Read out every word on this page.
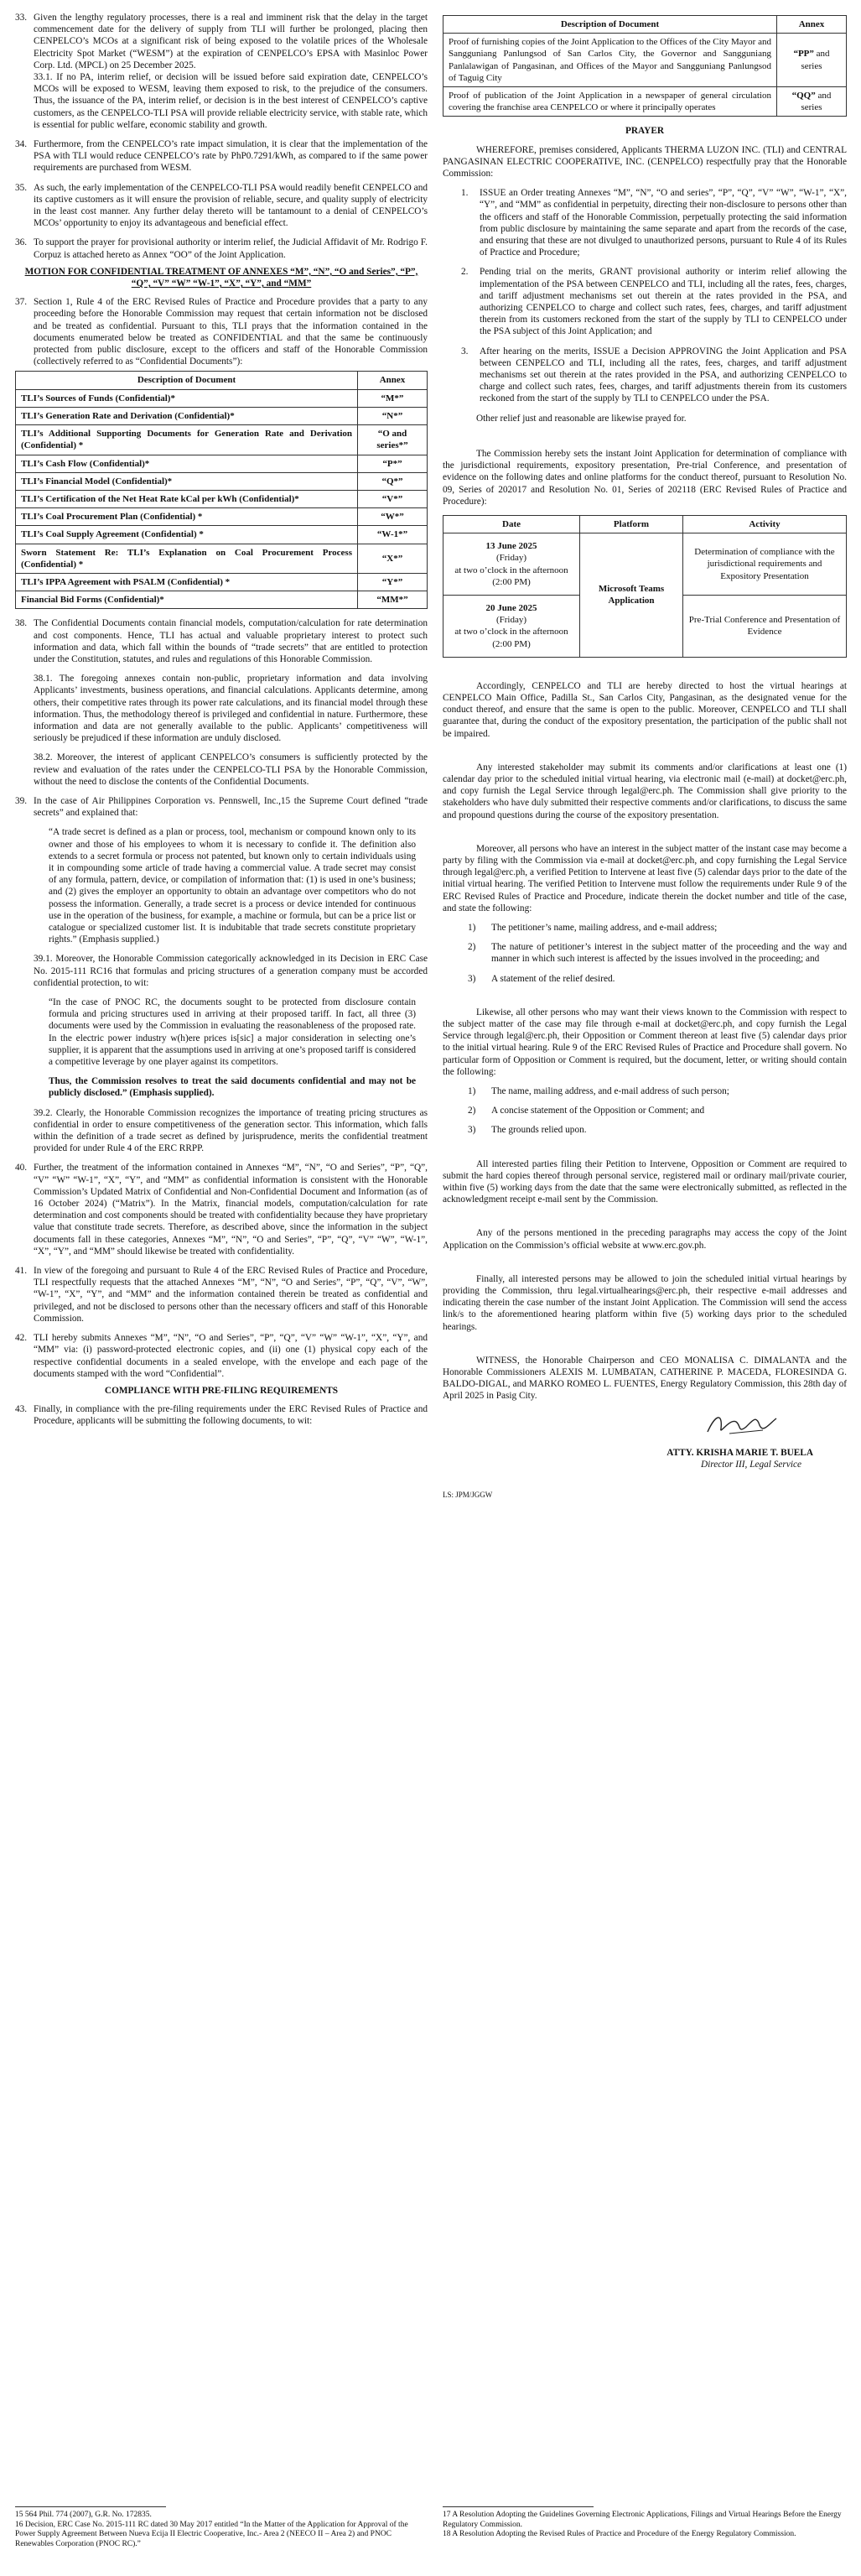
33. Given the lengthy regulatory processes, there is a real and imminent risk that the delay in the target commencement date for the delivery of supply from TLI will further be prolonged, placing then CENPELCO’s MCOs at a significant risk of being exposed to the volatile prices of the Wholesale Electricity Spot Market (“WESM”) at the expiration of CENPELCO’s EPSA with Masinloc Power Corp. Ltd. (MPCL) on 25 December 2025.

33.1. If no PA, interim relief, or decision will be issued before said expiration date, CENPELCO’s MCOs will be exposed to WESM, leaving them exposed to risk, to the prejudice of the consumers. Thus, the issuance of the PA, interim relief, or decision is in the best interest of CENPELCO’s captive customers, as the CENPELCO-TLI PSA will provide reliable electricity service, with stable rate, which is essential for public welfare, economic stability and growth.

34. Furthermore, from the CENPELCO’s rate impact simulation, it is clear that the implementation of the PSA with TLI would reduce CENPELCO’s rate by PhP0.7291/kWh, as compared to if the same power requirements are purchased from WESM.

35. As such, the early implementation of the CENPELCO-TLI PSA would readily benefit CENPELCO and its captive customers as it will ensure the provision of reliable, secure, and quality supply of electricity in the least cost manner. Any further delay thereto will be tantamount to a denial of CENPELCO’s MCOs’ opportunity to enjoy its advantageous and beneficial effect.

36. To support the prayer for provisional authority or interim relief, the Judicial Affidavit of Mr. Rodrigo F. Corpuz is attached hereto as Annex “OO” of the Joint Application.
MOTION FOR CONFIDENTIAL TREATMENT OF ANNEXES “M”, “N”, “O and Series”, “P”, “Q”, “V” “W” “W-1”, “X”, “Y”, and “MM”
37. Section 1, Rule 4 of the ERC Revised Rules of Practice and Procedure provides that a party to any proceeding before the Honorable Commission may request that certain information not be disclosed and be treated as confidential. Pursuant to this, TLI prays that the information contained in the documents enumerated below be treated as CONFIDENTIAL and that the same be continuously protected from public disclosure, except to the officers and staff of the Honorable Commission (collectively referred to as “Confidential Documents”):
Description of Document	Annex
TLI’s Sources of Funds (Confidential)*	“M*”
TLI’s Generation Rate and Derivation (Confidential)*	“N*”
TLI’s Additional Supporting Documents for Generation Rate and Derivation (Confidential) *	“O and series*”
TLI’s Cash Flow (Confidential)*	“P*”
TLI’s Financial Model (Confidential)*	“Q*”
TLI’s Certification of the Net Heat Rate kCal per kWh (Confidential)*	“V*”
TLI’s Coal Procurement Plan (Confidential) *	“W*”
TLI’s Coal Supply Agreement (Confidential) *	“W-1*”
Sworn Statement Re: TLI’s Explanation on Coal Procurement Process (Confidential) *	“X*”
TLI’s IPPA Agreement with PSALM (Confidential) *	“Y*”
Financial Bid Forms (Confidential)*	“MM*”
38. The Confidential Documents contain financial models, computation/calculation for rate determination and cost components. Hence, TLI has actual and valuable proprietary interest to protect such information and data, which fall within the bounds of “trade secrets” that are entitled to protection under the Constitution, statutes, and rules and regulations of this Honorable Commission.

38.1. The foregoing annexes contain non-public, proprietary information and data involving Applicants’ investments, business operations, and financial calculations. Applicants determine, among others, their competitive rates through its power rate calculations, and its financial model through these information. Thus, the methodology thereof is privileged and confidential in nature. Furthermore, these information and data are not generally available to the public. Applicants’ competitiveness will seriously be prejudiced if these information are unduly disclosed.

38.2. Moreover, the interest of applicant CENPELCO’s consumers is sufficiently protected by the review and evaluation of the rates under the CENPELCO-TLI PSA by the Honorable Commission, without the need to disclose the contents of the Confidential Documents.

39. In the case of Air Philippines Corporation vs. Pennswell, Inc.,15 the Supreme Court defined “trade secrets” and explained that:

“A trade secret is defined as a plan or process, tool, mechanism or compound known only to its owner and those of his employees to whom it is necessary to confide it. The definition also extends to a secret formula or process not patented, but known only to certain individuals using it in compounding some article of trade having a commercial value. A trade secret may consist of any formula, pattern, device, or compilation of information that: (1) is used in one’s business; and (2) gives the employer an opportunity to obtain an advantage over competitors who do not possess the information. Generally, a trade secret is a process or device intended for continuous use in the operation of the business, for example, a machine or formula, but can be a price list or catalogue or specialized customer list. It is indubitable that trade secrets constitute proprietary rights.” (Emphasis supplied.)

39.1. Moreover, the Honorable Commission categorically acknowledged in its Decision in ERC Case No. 2015-111 RC16 that formulas and pricing structures of a generation company must be accorded confidential protection, to wit:

“In the case of PNOC RC, the documents sought to be protected from disclosure contain formula and pricing structures used in arriving at their proposed tariff. In fact, all three (3) documents were used by the Commission in evaluating the reasonableness of the proposed rate. In the electric power industry w(h)ere prices is[sic] a major consideration in selecting one’s supplier, it is apparent that the assumptions used in arriving at one’s proposed tariff is considered a competitive leverage by one player against its competitors.

Thus, the Commission resolves to treat the said documents confidential and may not be publicly disclosed.” (Emphasis supplied).

39.2. Clearly, the Honorable Commission recognizes the importance of treating pricing structures as confidential in order to ensure competitiveness of the generation sector. This information, which falls within the definition of a trade secret as defined by jurisprudence, merits the confidential treatment provided for under Rule 4 of the ERC RRPP.

40. Further, the treatment of the information contained in Annexes “M”, “N”, “O and Series”, “P”, “Q”, “V” “W” “W-1”, “X”, “Y”, and “MM” as confidential information is consistent with the Honorable Commission’s Updated Matrix of Confidential and Non-Confidential Document and Information (as of 16 October 2024) (“Matrix”). In the Matrix, financial models, computation/calculation for rate determination and cost components should be treated with confidentiality because they have proprietary value that constitute trade secrets. Therefore, as described above, since the information in the subject documents fall in these categories, Annexes “M”, “N”, “O and Series”, “P”, “Q”, “V” “W”, “W-1”, “X”, “Y”, and “MM” should likewise be treated with confidentiality.

41. In view of the foregoing and pursuant to Rule 4 of the ERC Revised Rules of Practice and Procedure, TLI respectfully requests that the attached Annexes “M”, “N”, “O and Series”, “P”, “Q”, “V”, “W”, “W-1”, “X”, “Y”, and “MM” and the information contained therein be treated as confidential and privileged, and not be disclosed to persons other than the necessary officers and staff of this Honorable Commission.

42. TLI hereby submits Annexes “M”, “N”, “O and Series”, “P”, “Q”, “V” “W” “W-1”, “X”, “Y”, and “MM” via: (i) password-protected electronic copies, and (ii) one (1) physical copy each of the respective confidential documents in a sealed envelope, with the envelope and each page of the documents stamped with the word “Confidential”.
COMPLIANCE WITH PRE-FILING REQUIREMENTS
43. Finally, in compliance with the pre-filing requirements under the ERC Revised Rules of Practice and Procedure, applicants will be submitting the following documents, to wit:
15 564 Phil. 774 (2007), G.R. No. 172835.
16 Decision, ERC Case No. 2015-111 RC dated 30 May 2017 entitled “In the Matter of the Application for Approval of the Power Supply Agreement Between Nueva Ecija II Electric Cooperative, Inc.- Area 2 (NEECO II – Area 2) and PNOC Renewables Corporation (PNOC RC).”
Description of Document	Annex
Proof of furnishing copies of the Joint Application to the Offices of the City Mayor and Sangguniang Panlungsod of San Carlos City, the Governor and Sangguniang Panlalawigan of Pangasinan, and Offices of the Mayor and Sangguniang Panlungsod of Taguig City	“PP” and series
Proof of publication of the Joint Application in a newspaper of general circulation covering the franchise area CENPELCO or where it principally operates	“QQ” and series
PRAYER

WHEREFORE, premises considered, Applicants THERMA LUZON INC. (TLI) and CENTRAL PANGASINAN ELECTRIC COOPERATIVE, INC. (CENPELCO) respectfully pray that the Honorable Commission:

1.	ISSUE an Order treating Annexes “M”, “N”, “O and series”, “P”, “Q”, “V” “W”, “W-1”, “X”, “Y”, and “MM” as confidential in perpetuity, directing their non-disclosure to persons other than the officers and staff of the Honorable Commission, perpetually protecting the said information from public disclosure by maintaining the same separate and apart from the records of the case, and ensuring that these are not divulged to unauthorized persons, pursuant to Rule 4 of its Rules of Practice and Procedure;
2.	Pending trial on the merits, GRANT provisional authority or interim relief allowing the implementation of the PSA between CENPELCO and TLI, including all the rates, fees, charges, and tariff adjustment mechanisms set out therein at the rates provided in the PSA, and authorizing CENPELCO to charge and collect such rates, fees, charges, and tariff adjustment therein from its customers reckoned from the start of the supply by TLI to CENPELCO under the PSA subject of this Joint Application; and
3.	After hearing on the merits, ISSUE a Decision APPROVING the Joint Application and PSA between CENPELCO and TLI, including all the rates, fees, charges, and tariff adjustment mechanisms set out therein at the rates provided in the PSA, and authorizing CENPELCO to charge and collect such rates, fees, charges, and tariff adjustments therein from its customers reckoned from the start of the supply by TLI to CENPELCO under the PSA.

Other relief just and reasonable are likewise prayed for.

The Commission hereby sets the instant Joint Application for determination of compliance with the jurisdictional requirements, expository presentation, Pre-trial Conference, and presentation of evidence on the following dates and online platforms for the conduct thereof, pursuant to Resolution No. 09, Series of 202017 and Resolution No. 01, Series of 202118 (ERC Revised Rules of Practice and Procedure):

Date	Platform	Activity

13 June 2025
(Friday)
at two o’clock in the afternoon (2:00 PM)	Microsoft Teams Application	Determination of compliance with the jurisdictional requirements and Expository Presentation

20 June 2025
(Friday)
at two o’clock in the afternoon (2:00 PM)		Pre-Trial Conference and Presentation of Evidence

Accordingly, CENPELCO and TLI are hereby directed to host the virtual hearings at CENPELCO Main Office, Padilla St., San Carlos City, Pangasinan, as the designated venue for the conduct thereof, and ensure that the same is open to the public. Moreover, CENPELCO and TLI shall guarantee that, during the conduct of the expository presentation, the participation of the public shall not be impaired.

Any interested stakeholder may submit its comments and/or clarifications at least one (1) calendar day prior to the scheduled initial virtual hearing, via electronic mail (e-mail) at docket@erc.ph, and copy furnish the Legal Service through legal@erc.ph. The Commission shall give priority to the stakeholders who have duly submitted their respective comments and/or clarifications, to discuss the same and propound questions during the course of the expository presentation.

Moreover, all persons who have an interest in the subject matter of the instant case may become a party by filing with the Commission via e-mail at docket@erc.ph, and copy furnishing the Legal Service through legal@erc.ph, a verified Petition to Intervene at least five (5) calendar days prior to the date of the initial virtual hearing. The verified Petition to Intervene must follow the requirements under Rule 9 of the ERC Revised Rules of Practice and Procedure, indicate therein the docket number and title of the case, and state the following:

1)	The petitioner’s name, mailing address, and e-mail address;
2)	The nature of petitioner’s interest in the subject matter of the proceeding and the way and manner in which such interest is affected by the issues involved in the proceeding; and
3)	A statement of the relief desired.

Likewise, all other persons who may want their views known to the Commission with respect to the subject matter of the case may file through e-mail at docket@erc.ph, and copy furnish the Legal Service through legal@erc.ph, their Opposition or Comment thereon at least five (5) calendar days prior to the initial virtual hearing. Rule 9 of the ERC Revised Rules of Practice and Procedure shall govern. No particular form of Opposition or Comment is required, but the document, letter, or writing should contain the following:

1)	The name, mailing address, and e-mail address of such person;
2)	A concise statement of the Opposition or Comment; and
3)	The grounds relied upon.

All interested parties filing their Petition to Intervene, Opposition or Comment are required to submit the hard copies thereof through personal service, registered mail or ordinary mail/private courier, within five (5) working days from the date that the same were electronically submitted, as reflected in the acknowledgment receipt e-mail sent by the Commission.

Any of the persons mentioned in the preceding paragraphs may access the copy of the Joint Application on the Commission’s official website at www.erc.gov.ph.

Finally, all interested persons may be allowed to join the scheduled initial virtual hearings by providing the Commission, thru legal.virtualhearings@erc.ph, their respective e-mail addresses and indicating therein the case number of the instant Joint Application. The Commission will send the access link/s to the aforementioned hearing platform within five (5) working days prior to the scheduled hearings.

WITNESS, the Honorable Chairperson and CEO MONALISA C. DIMALANTA and the Honorable Commissioners ALEXIS M. LUMBATAN, CATHERINE P. MACEDA, FLORESINDA G. BALDO-DIGAL, and MARKO ROMEO L. FUENTES, Energy Regulatory Commission, this 28th day of April 2025 in Pasig City.

ATTY. KRISHA MARIE T. BUELA
Director III, Legal Service
LS: JPM/JGGW
17 A Resolution Adopting the Guidelines Governing Electronic Applications, Filings and Virtual Hearings Before the Energy Regulatory Commission.
18 A Resolution Adopting the Revised Rules of Practice and Procedure of the Energy Regulatory Commission.
